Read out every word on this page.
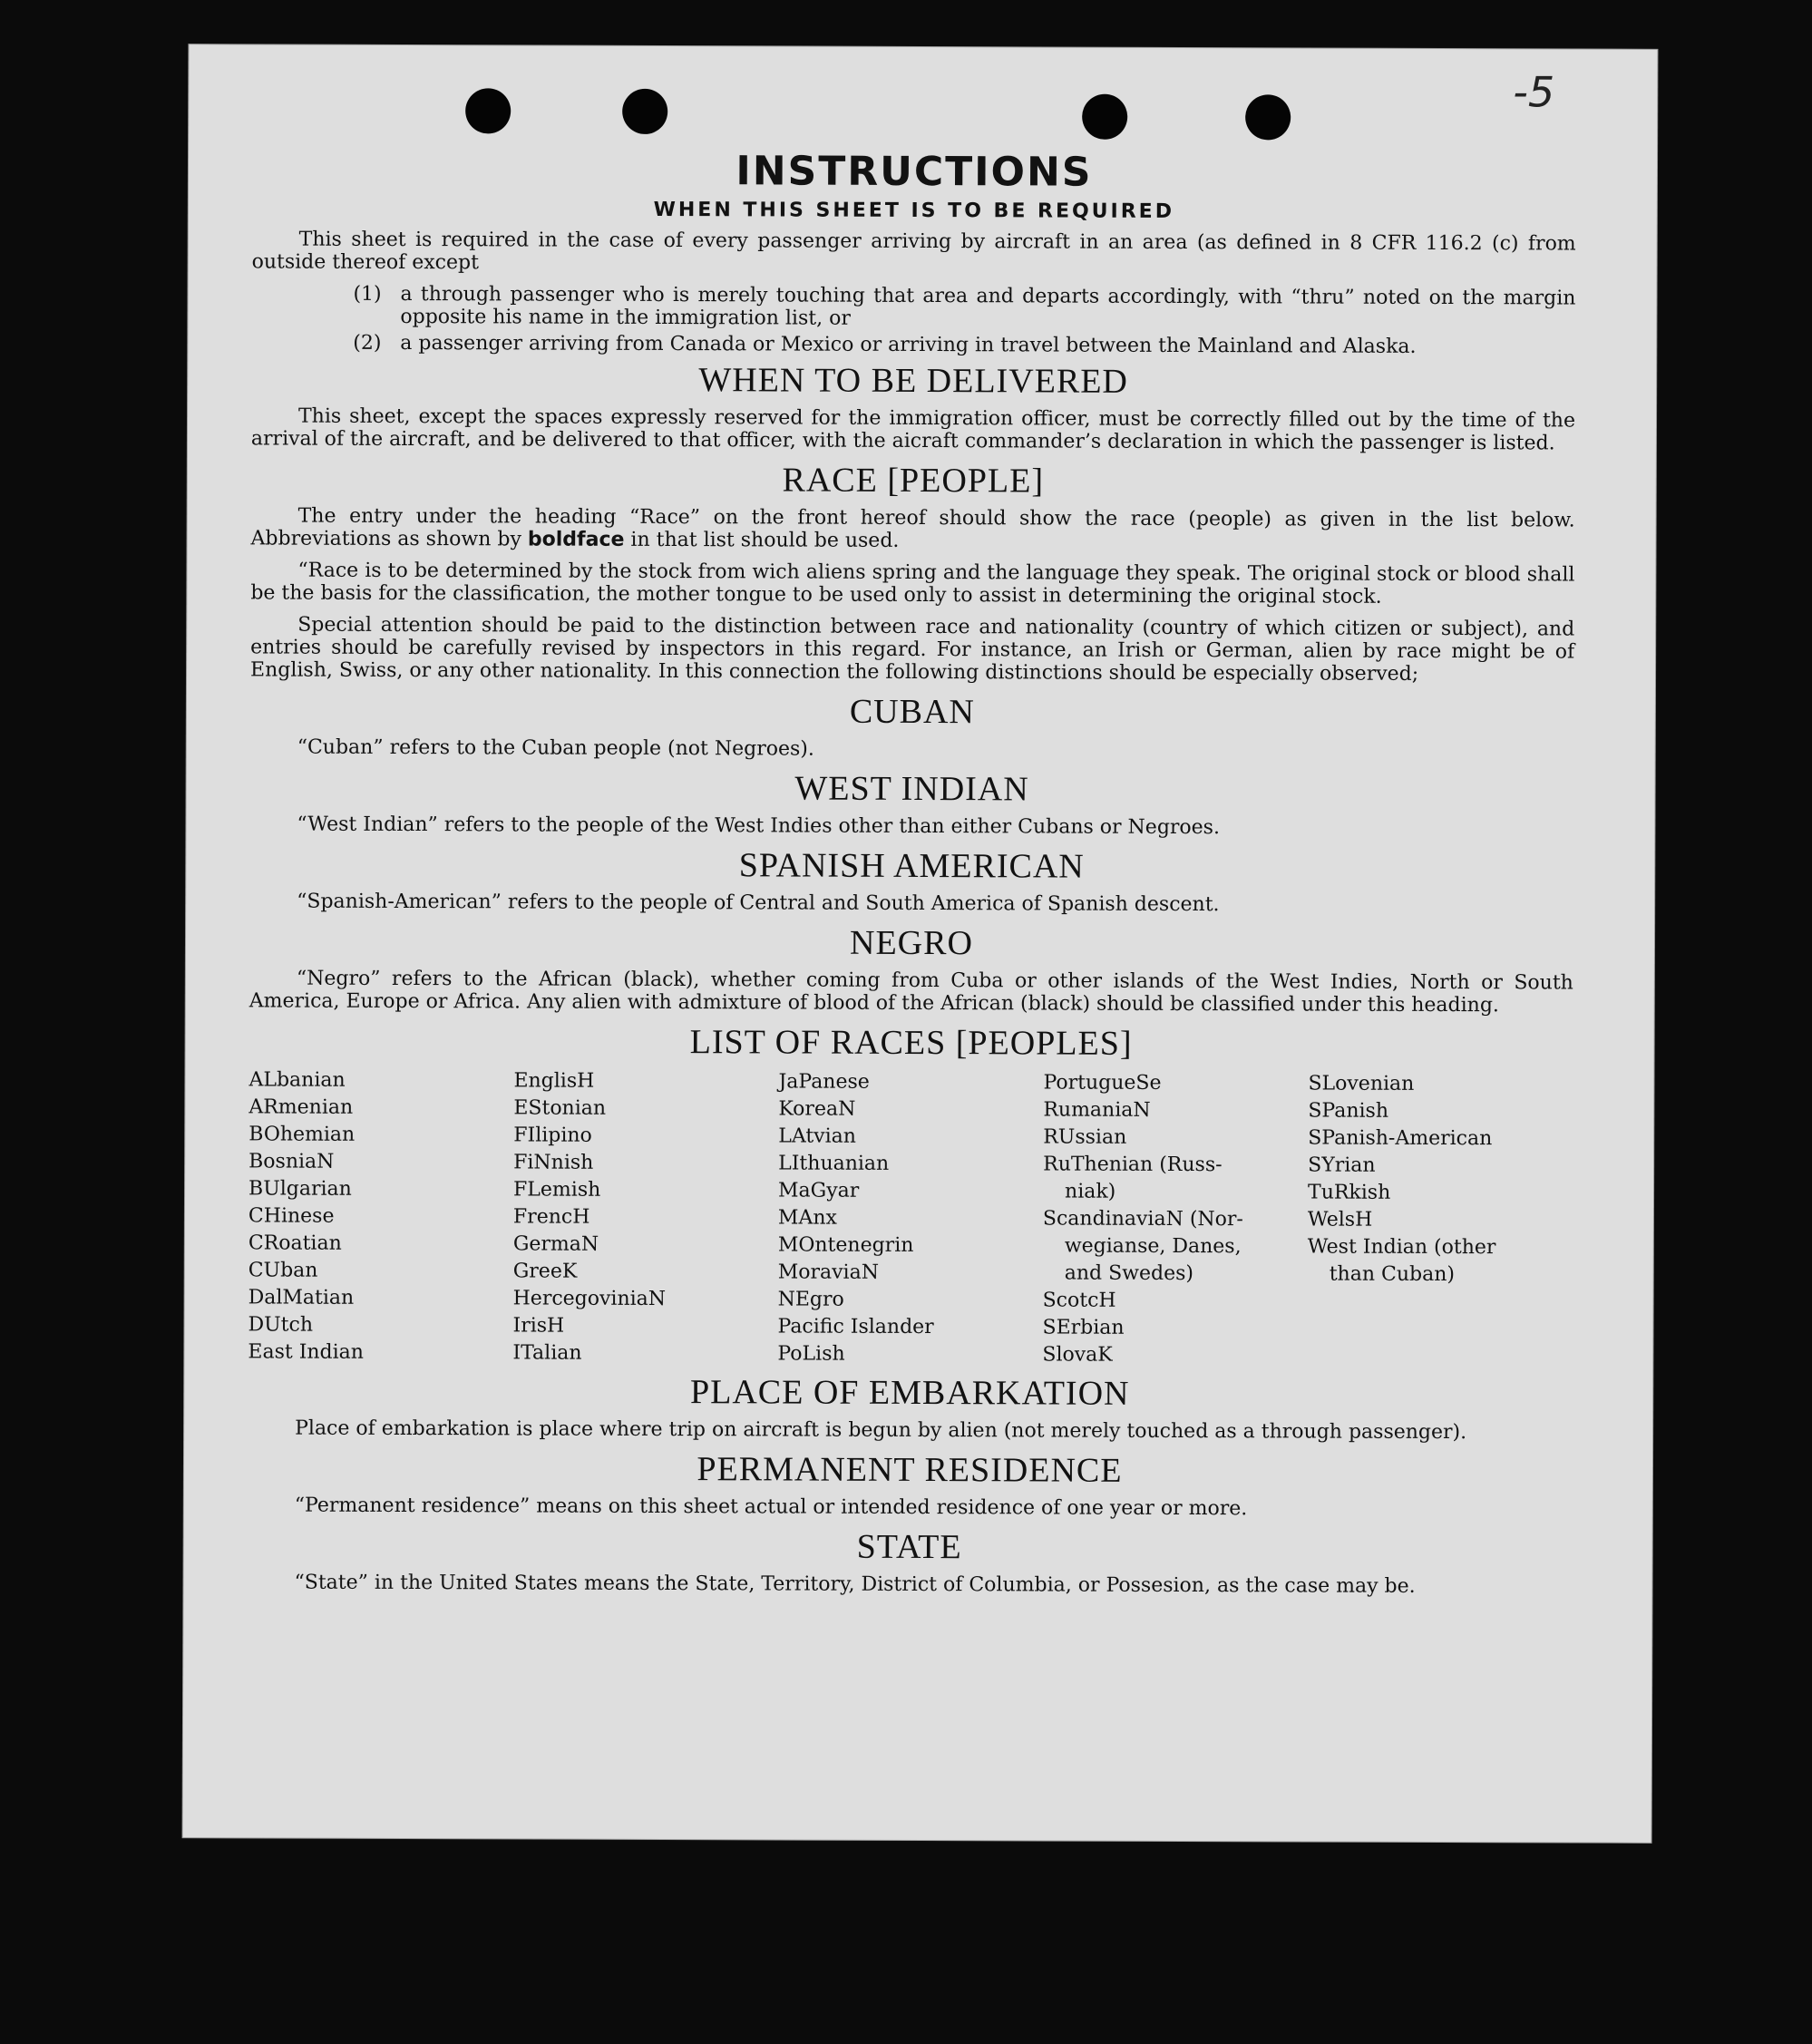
-5
INSTRUCTIONS
WHEN THIS SHEET IS TO BE REQUIRED

This sheet is required in the case of every passenger arriving by aircraft in an area (as defined in 8 CFR 116.2 (c) from outside thereof except

(1) a through passenger who is merely touching that area and departs accordingly, with “thru” noted on the margin opposite his name in the immigration list, or
(2) a passenger arriving from Canada or Mexico or arriving in travel between the Mainland and Alaska.
WHEN TO BE DELIVERED

This sheet, except the spaces expressly reserved for the immigration officer, must be correctly filled out by the time of the arrival of the aircraft, and be delivered to that officer, with the aicraft commander’s declaration in which the passenger is listed.

RACE [PEOPLE]

The entry under the heading “Race” on the front hereof should show the race (people) as given in the list below. Abbreviations as shown by boldface in that list should be used.

“Race is to be determined by the stock from wich aliens spring and the language they speak. The original stock or blood shall be the basis for the classification, the mother tongue to be used only to assist in determining the original stock.

Special attention should be paid to the distinction between race and nationality (country of which citizen or subject), and entries should be carefully revised by inspectors in this regard. For instance, an Irish or German, alien by race might be of English, Swiss, or any other nationality. In this connection the following distinctions should be especially observed;

CUBAN

“Cuban” refers to the Cuban people (not Negroes).

WEST INDIAN

“West Indian” refers to the people of the West Indies other than either Cubans or Negroes.

SPANISH AMERICAN

“Spanish-American” refers to the people of Central and South America of Spanish descent.

NEGRO

“Negro” refers to the African (black), whether coming from Cuba or other islands of the West Indies, North or South America, Europe or Africa. Any alien with admixture of blood of the African (black) should be classified under this heading.

LIST OF RACES [PEOPLES]
ALbanian
ARmenian
BOhemian
BosniaN
BUlgarian
CHinese
CRoatian
CUban
DalMatian
DUtch
East Indian
EnglisH
EStonian
FIlipino
FiNnish
FLemish
FrencH
GermaN
GreeK
HercegoviniaN
IrisH
ITalian
JaPanese
KoreaN
LAtvian
LIthuanian
MaGyar
MAnx
MOntenegrin
MoraviaN
NEgro
Pacific Islander
PoLish
PortugueSe
RumaniaN
RUssian
RuThenian (Russ-
niak)
ScandinaviaN (Nor-
wegianse, Danes,
and Swedes)
ScotcH
SErbian
SlovaK
SLovenian
SPanish
SPanish-American
SYrian
TuRkish
WelsH
West Indian (other
than Cuban)
PLACE OF EMBARKATION

Place of embarkation is place where trip on aircraft is begun by alien (not merely touched as a through passenger).

PERMANENT RESIDENCE

“Permanent residence” means on this sheet actual or intended residence of one year or more.

STATE

“State” in the United States means the State, Territory, District of Columbia, or Possesion, as the case may be.
